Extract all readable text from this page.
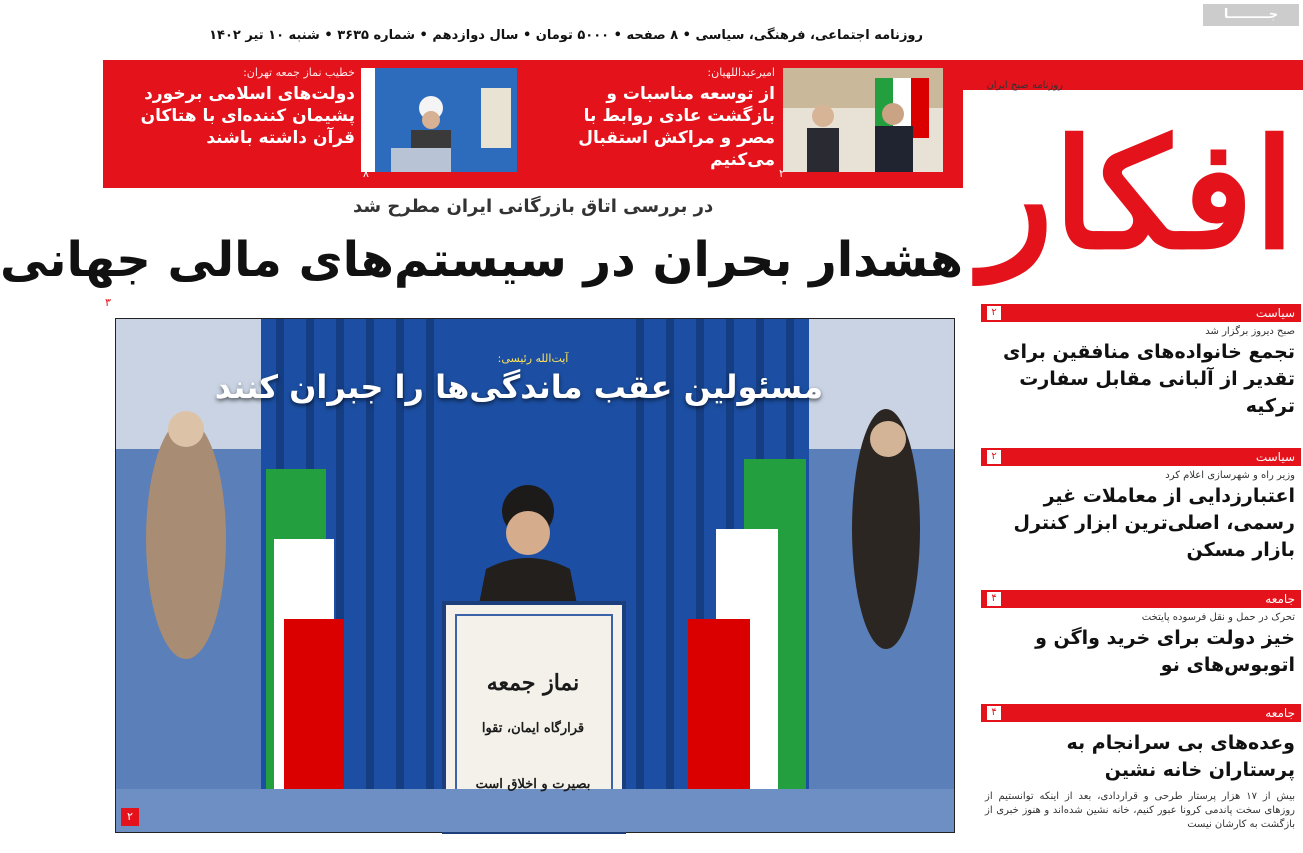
جـــــــــا
روزنامه اجتماعی، فرهنگی، سیاسی • ۸ صفحه • ۵۰۰۰ تومان • سال دوازدهم • شماره ۳۶۳۵ • شنبه ۱۰ تیر ۱۴۰۲
امیرعبداللهیان:
از توسعه مناسبات و بازگشت عادی روابط با مصر و مراکش استقبال می‌کنیم
۲
خطیب نماز جمعه تهران:
دولت‌های اسلامی برخورد پشیمان کننده‌ای با هتاکان قرآن داشته باشند
۸	افکار
روزنامه صبح ایران
در بررسی اتاق بازرگانی ایران مطرح شد
هشدار بحران در سیستم‌های مالی جهانی
۳
نماز جمعه
قرارگاه ایمان، تقوا
بصیرت و اخلاق است
آیت‌الله رئیسی:
مسئولین عقب ماندگی‌ها را جبران کنند
۲
سیاست
۲
صبح دیروز برگزار شد
تجمع خانواده‌های منافقین برای تقدیر از آلبانی مقابل سفارت ترکیه
سیاست
۲
وزیر راه و شهرسازی اعلام کرد
اعتبارزدایی از معاملات غیر رسمی، اصلی‌ترین ابزار کنترل بازار مسکن
جامعه
۴
تحرک در حمل و نقل فرسوده پایتخت
خیز دولت برای خرید واگن و اتوبوس‌های نو
جامعه
۴
وعده‌های بی سرانجام به پرستاران خانه نشین
بیش از ۱۷ هزار پرستار طرحی و قراردادی، بعد از اینکه توانستیم از روزهای سخت پاندمی کرونا عبور کنیم، خانه نشین شده‌اند و هنوز خبری از بازگشت به کارشان نیست
